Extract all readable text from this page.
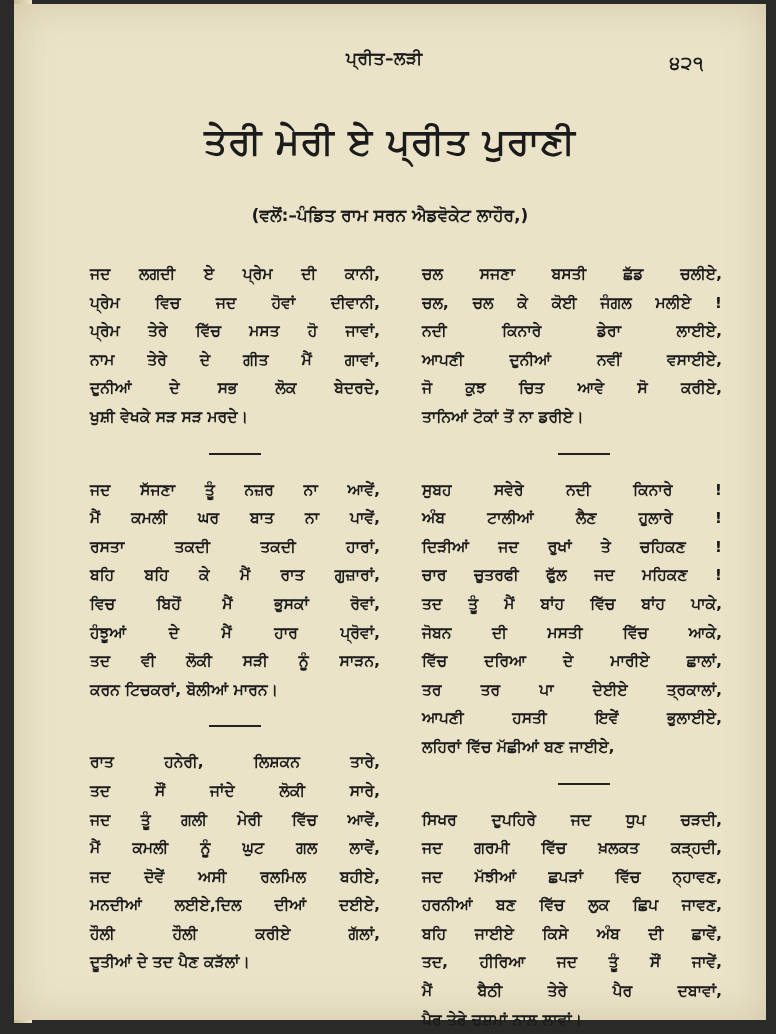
ਪ੍ਰੀਤ–ਲੜੀ	੪੨੧
ਤੇਰੀ ਮੇਰੀ ਏ ਪ੍ਰੀਤ ਪੁਰਾਣੀ
(ਵਲੋਂ:–ਪੰਡਿਤ ਰਾਮ ਸਰਨ ਐਡਵੋਕੇਟ ਲਾਹੌਰ,)
ਜਦ ਲਗਦੀ ਏ ਪ੍ਰੇਮ ਦੀ ਕਾਨੀ,
ਪ੍ਰੇਮ ਵਿਚ ਜਦ ਹੋਵਾਂ ਦੀਵਾਨੀ,
ਪ੍ਰੇਮ ਤੇਰੇ ਵਿੱਚ ਮਸਤ ਹੋ ਜਾਵਾਂ,
ਨਾਮ ਤੇਰੇ ਦੇ ਗੀਤ ਮੈਂ ਗਾਵਾਂ,
ਦੁਨੀਆਂ ਦੇ ਸਭ ਲੋਕ ਬੇਦਰਦੇ,
ਖੁਸ਼ੀ ਵੇਖਕੇ ਸੜ ਸੜ ਮਰਦੇ।
ਜਦ ਸੱਜਣਾ ਤੂੰ ਨਜ਼ਰ ਨਾ ਆਵੇਂ,
ਮੈਂ ਕਮਲੀ ਘਰ ਬਾਤ ਨਾ ਪਾਵੇਂ,
ਰਸਤਾ ਤਕਦੀ ਤਕਦੀ ਹਾਰਾਂ,
ਬਹਿ ਬਹਿ ਕੇ ਮੈਂ ਰਾਤ ਗੁਜ਼ਾਰਾਂ,
ਵਿਚ ਬਿਹੋਂ ਮੈਂ ਭੁਸਕਾਂ ਰੋਵਾਂ,
ਹੰਝੂਆਂ ਦੇ ਮੈਂ ਹਾਰ ਪ੍ਰੋਵਾਂ,
ਤਦ ਵੀ ਲੋਕੀ ਸੜੀ ਨੂੰ ਸਾੜਨ,
ਕਰਨ ਟਿਚਕਰਾਂ, ਬੋਲੀਆਂ ਮਾਰਨ।
ਰਾਤ ਹਨੇਰੀ, ਲਿਸ਼ਕਨ ਤਾਰੇ,
ਤਦ ਸੌਂ ਜਾਂਦੇ ਲੋਕੀ ਸਾਰੇ,
ਜਦ ਤੂੰ ਗਲੀ ਮੇਰੀ ਵਿੱਚ ਆਵੇਂ,
ਮੈਂ ਕਮਲੀ ਨੂੰ ਘੁਟ ਗਲ ਲਾਵੇਂ,
ਜਦ ਦੋਵੇਂ ਅਸੀ ਰਲਮਿਲ ਬਹੀਏ,
ਮਨਦੀਆਂ ਲਈਏ,ਦਿਲ ਦੀਆਂ ਦਈਏ,
ਹੌਲੀ ਹੌਲੀ ਕਰੀਏ ਗੱਲਾਂ,
ਦੂਤੀਆਂ ਦੇ ਤਦ ਪੈਣ ਕੜੱਲਾਂ।
ਚਲ ਸਜਣਾ ਬਸਤੀ ਛੱਡ ਚਲੀਏ,
ਚਲ, ਚਲ ਕੇ ਕੋਈ ਜੰਗਲ ਮਲੀਏ !
ਨਦੀ ਕਿਨਾਰੇ ਡੇਰਾ ਲਾਈਏ,
ਆਪਣੀ ਦੁਨੀਆਂ ਨਵੀਂ ਵਸਾਈਏ,
ਜੋ ਕੁਝ ਚਿਤ ਆਵੇ ਸੋ ਕਰੀਏ,
ਤਾਨਿਆਂ ਟੋਕਾਂ ਤੋਂ ਨਾ ਡਰੀਏ।
ਸੁਬਹ ਸਵੇਰੇ ਨਦੀ ਕਿਨਾਰੇ !
ਅੰਬ ਟਾਲੀਆਂ ਲੈਣ ਹੁਲਾਰੇ !
ਦਿੜੀਆਂ ਜਦ ਰੁਖਾਂ ਤੇ ਚਹਿਕਣ !
ਚਾਰ ਚੁਤਰਫੀ ਫੁੱਲ ਜਦ ਮਹਿਕਣ !
ਤਦ ਤੂੰ ਮੈਂ ਬਾਂਹ ਵਿੱਚ ਬਾਂਹ ਪਾਕੇ,
ਜੋਬਨ ਦੀ ਮਸਤੀ ਵਿੱਚ ਆਕੇ,
ਵਿੱਚ ਦਰਿਆ ਦੇ ਮਾਰੀਏ ਛਾਲਾਂ,
ਤਰ ਤਰ ਪਾ ਦੇਈਏ ਤ੍ਰਕਾਲਾਂ,
ਆਪਣੀ ਹਸਤੀ ਇਵੇਂ ਭੁਲਾਈਏ,
ਲਹਿਰਾਂ ਵਿੱਚ ਮੱਛੀਆਂ ਬਣ ਜਾਈਏ,
ਸਿਖਰ ਦੁਪਹਿਰੇ ਜਦ ਧੁਪ ਚੜਦੀ,
ਜਦ ਗਰਮੀ ਵਿੱਚ ਖ਼ਲਕਤ ਕੜ੍ਹਦੀ,
ਜਦ ਮੱਝੀਆਂ ਛਪੜਾਂ ਵਿੱਚ ਨ੍ਹਾਵਣ,
ਹਰਨੀਆਂ ਬਣ ਵਿੱਚ ਲੁਕ ਛਿਪ ਜਾਵਣ,
ਬਹਿ ਜਾਈਏ ਕਿਸੇ ਅੰਬ ਦੀ ਛਾਵੇਂ,
ਤਦ, ਹੀਰਿਆ ਜਦ ਤੂੰ ਸੌਂ ਜਾਵੇਂ,
ਮੈਂ ਬੈਠੀ ਤੇਰੇ ਪੈਰ ਦਬਾਵਾਂ,
ਪੈਰ ਤੇਰੇ ਚਸ਼ਮਾਂ ਨਾਲ ਲਾਵਾਂ।
